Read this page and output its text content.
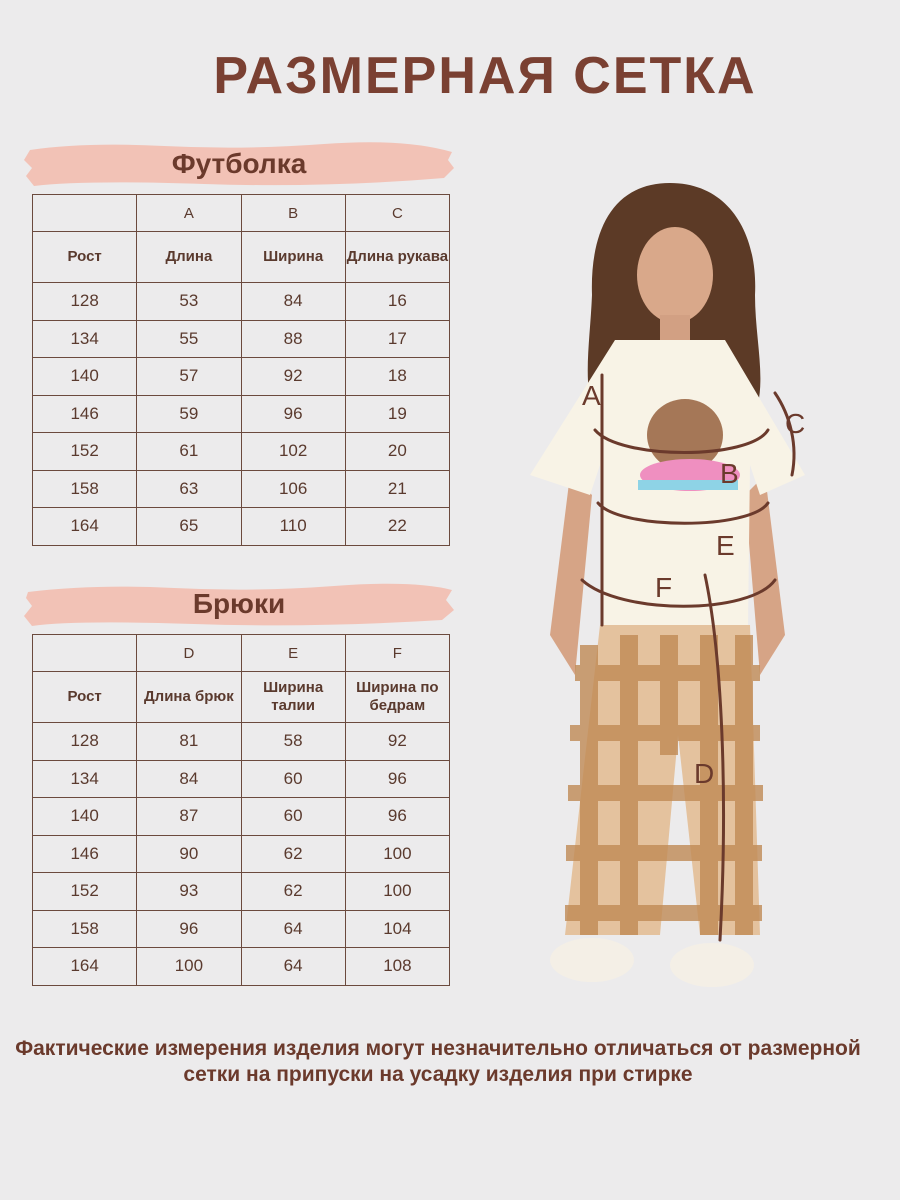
РАЗМЕРНАЯ СЕТКА
Футболка
	A	B	C
Рост	Длина	Ширина	Длина рукава
128	53	84	16
134	55	88	17
140	57	92	18
146	59	96	19
152	61	102	20
158	63	106	21
164	65	110	22
Брюки
	D	E	F
Рост	Длина брюк	Ширина талии	Ширина по бедрам
128	81	58	92
134	84	60	96
140	87	60	96
146	90	62	100
152	93	62	100
158	96	64	104
164	100	64	108
A
B
C
E
F
D
Фактические измерения изделия могут незначительно отличаться от размерной сетки на припуски на усадку изделия при стирке
